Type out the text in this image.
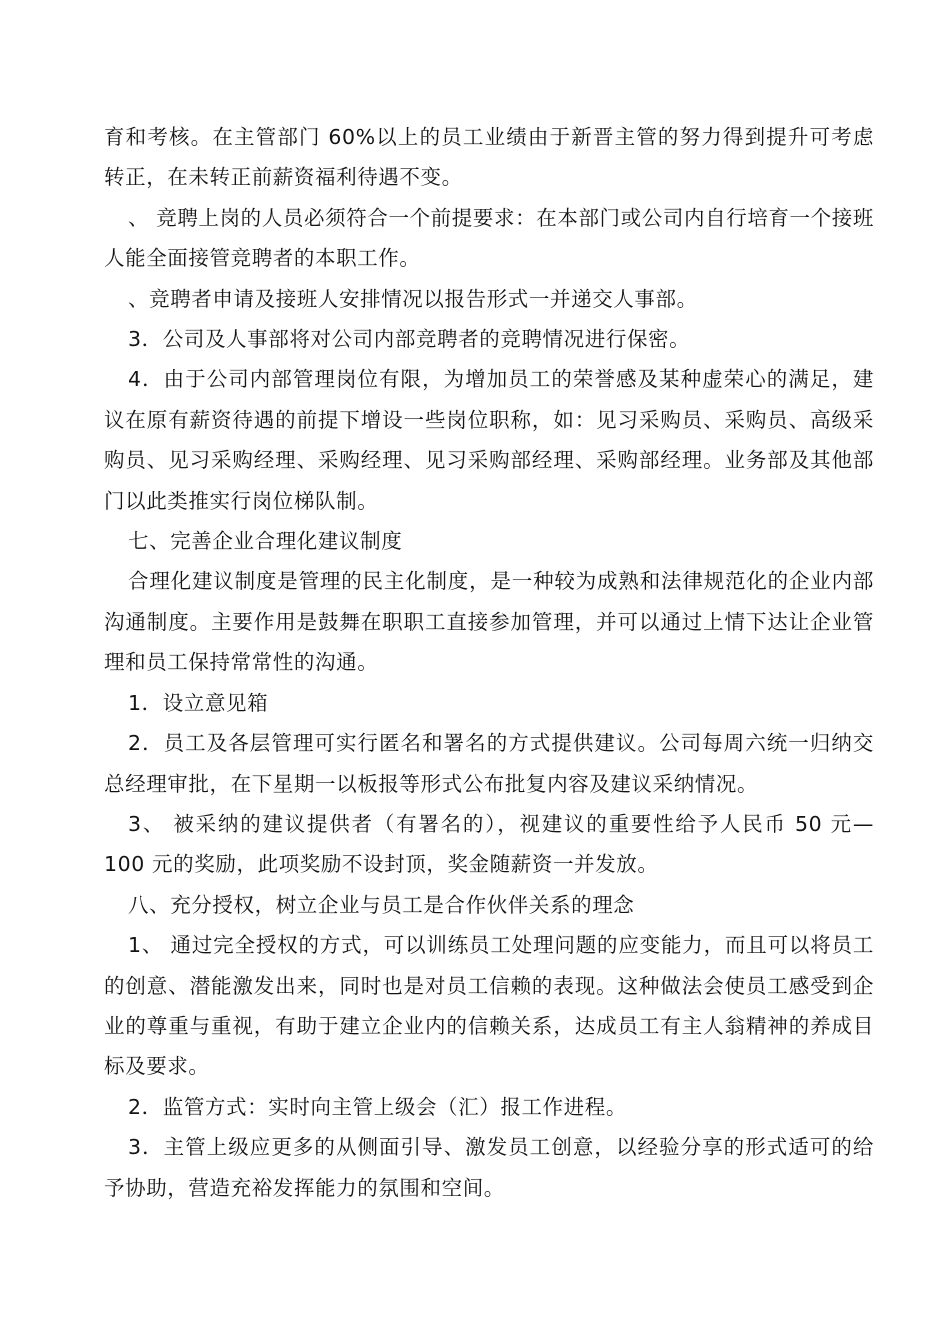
育和考核。在主管部门 60%以上的员工业绩由于新晋主管的努力得到提升可考虑转正，在未转正前薪资福利待遇不变。

、 竞聘上岗的人员必须符合一个前提要求：在本部门或公司内自行培育一个接班人能全面接管竞聘者的本职工作。

、竞聘者申请及接班人安排情况以报告形式一并递交人事部。

3．公司及人事部将对公司内部竞聘者的竞聘情况进行保密。

4．由于公司内部管理岗位有限，为增加员工的荣誉感及某种虚荣心的满足，建议在原有薪资待遇的前提下增设一些岗位职称，如：见习采购员、采购员、高级采购员、见习采购经理、采购经理、见习采购部经理、采购部经理。业务部及其他部门以此类推实行岗位梯队制。

七、完善企业合理化建议制度

合理化建议制度是管理的民主化制度，是一种较为成熟和法律规范化的企业内部沟通制度。主要作用是鼓舞在职职工直接参加管理，并可以通过上情下达让企业管理和员工保持常常性的沟通。

1．设立意见箱

2．员工及各层管理可实行匿名和署名的方式提供建议。公司每周六统一归纳交总经理审批，在下星期一以板报等形式公布批复内容及建议采纳情况。

3、 被采纳的建议提供者（有署名的），视建议的重要性给予人民币 50 元—100 元的奖励，此项奖励不设封顶，奖金随薪资一并发放。

八、充分授权，树立企业与员工是合作伙伴关系的理念

1、 通过完全授权的方式，可以训练员工处理问题的应变能力，而且可以将员工的创意、潜能激发出来，同时也是对员工信赖的表现。这种做法会使员工感受到企业的尊重与重视，有助于建立企业内的信赖关系，达成员工有主人翁精神的养成目标及要求。

2．监管方式：实时向主管上级会（汇）报工作进程。

3．主管上级应更多的从侧面引导、激发员工创意，以经验分享的形式适可的给予协助，营造充裕发挥能力的氛围和空间。
